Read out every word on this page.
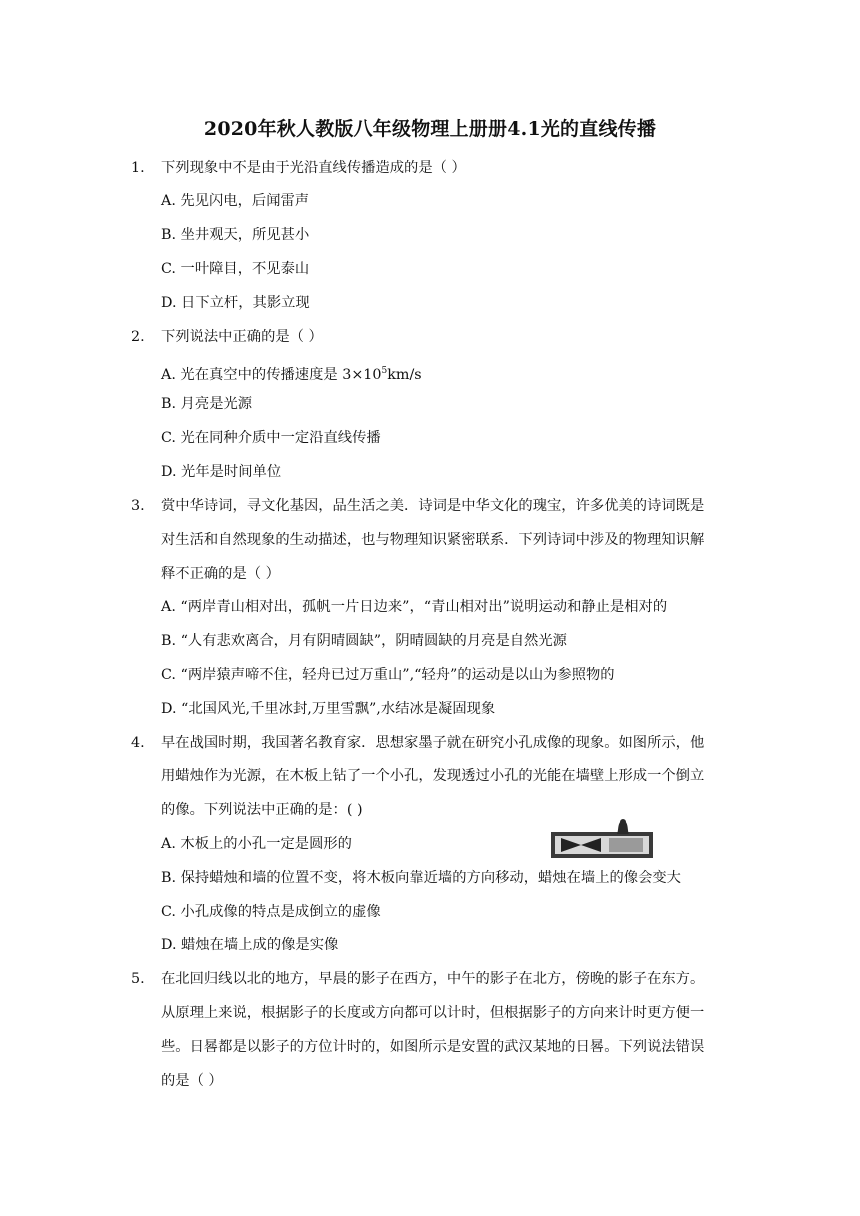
2020年秋人教版八年级物理上册册4.1光的直线传播
1. 下列现象中不是由于光沿直线传播造成的是（ ）
A. 先见闪电，后闻雷声
B. 坐井观天，所见甚小
C. 一叶障目，不见泰山
D. 日下立杆，其影立现
2. 下列说法中正确的是（ ）
A. 光在真空中的传播速度是 $3\times 10^5km/s$
B. 月亮是光源
C. 光在同种介质中一定沿直线传播
D. 光年是时间单位
3. 赏中华诗词，寻文化基因，品生活之美．诗词是中华文化的瑰宝，许多优美的诗词既是
对生活和自然现象的生动描述，也与物理知识紧密联系．下列诗词中涉及的物理知识解
释不正确的是（ ）
A. “两岸青山相对出，孤帆一片日边来”，“青山相对出”说明运动和静止是相对的
B. “人有悲欢离合，月有阴晴圆缺”，阴晴圆缺的月亮是自然光源
C. “两岸猿声啼不住，轻舟已过万重山”,“轻舟”的运动是以山为参照物的
D. “北国风光,千里冰封,万里雪飘”,水结冰是凝固现象
4. 早在战国时期，我国著名教育家．思想家墨子就在研究小孔成像的现象。如图所示，他
用蜡烛作为光源，在木板上钻了一个小孔，发现透过小孔的光能在墙壁上形成一个倒立
的像。下列说法中正确的是：( )
A. 木板上的小孔一定是圆形的
B. 保持蜡烛和墙的位置不变，将木板向靠近墙的方向移动，蜡烛在墙上的像会变大
C. 小孔成像的特点是成倒立的虚像
D. 蜡烛在墙上成的像是实像
5. 在北回归线以北的地方，早晨的影子在西方，中午的影子在北方，傍晚的影子在东方。
从原理上来说，根据影子的长度或方向都可以计时，但根据影子的方向来计时更方便一
些。日晷都是以影子的方位计时的，如图所示是安置的武汉某地的日晷。下列说法错误
的是（ ）
